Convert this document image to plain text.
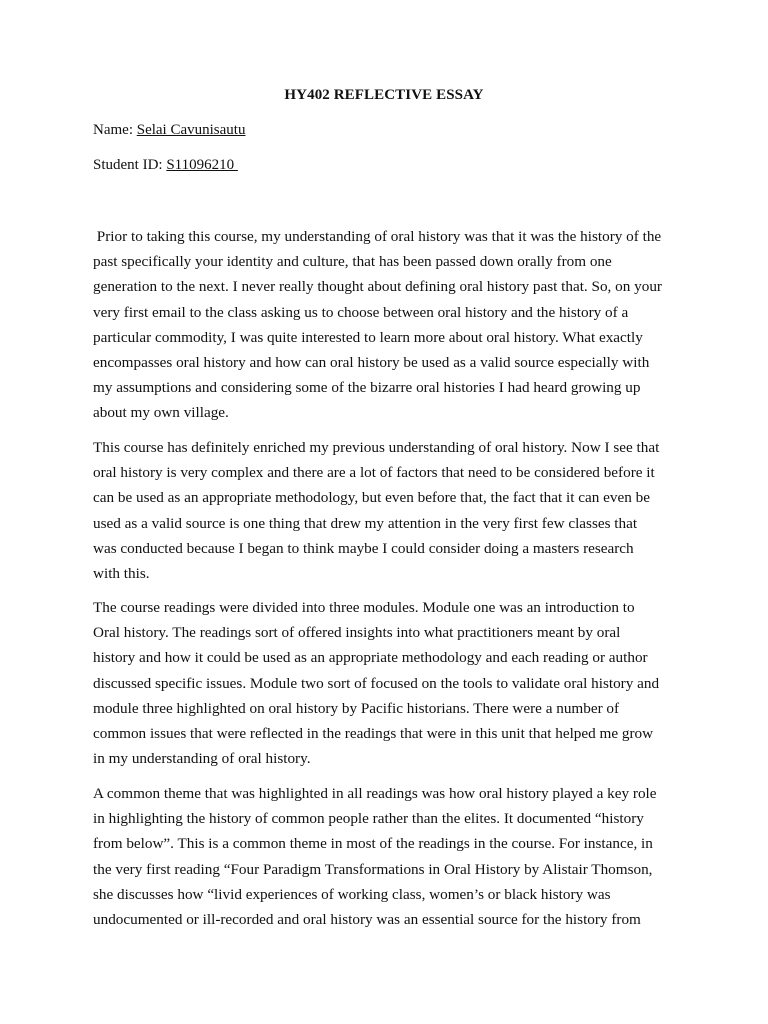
HY402 REFLECTIVE ESSAY
Name: Selai Cavunisautu
Student ID: S11096210
Prior to taking this course, my understanding of oral history was that it was the history of the
past specifically your identity and culture, that has been passed down orally from one
generation to the next. I never really thought about defining oral history past that. So, on your
very first email to the class asking us to choose between oral history and the history of a
particular commodity, I was quite interested to learn more about oral history. What exactly
encompasses oral history and how can oral history be used as a valid source especially with
my assumptions and considering some of the bizarre oral histories I had heard growing up
about my own village.
This course has definitely enriched my previous understanding of oral history. Now I see that
oral history is very complex and there are a lot of factors that need to be considered before it
can be used as an appropriate methodology, but even before that, the fact that it can even be
used as a valid source is one thing that drew my attention in the very first few classes that
was conducted because I began to think maybe I could consider doing a masters research
with this.
The course readings were divided into three modules. Module one was an introduction to
Oral history. The readings sort of offered insights into what practitioners meant by oral
history and how it could be used as an appropriate methodology and each reading or author
discussed specific issues. Module two sort of focused on the tools to validate oral history and
module three highlighted on oral history by Pacific historians. There were a number of
common issues that were reflected in the readings that were in this unit that helped me grow
in my understanding of oral history.
A common theme that was highlighted in all readings was how oral history played a key role
in highlighting the history of common people rather than the elites. It documented “history
from below”. This is a common theme in most of the readings in the course. For instance, in
the very first reading “Four Paradigm Transformations in Oral History by Alistair Thomson,
she discusses how “livid experiences of working class, women’s or black history was
undocumented or ill-recorded and oral history was an essential source for the history from
